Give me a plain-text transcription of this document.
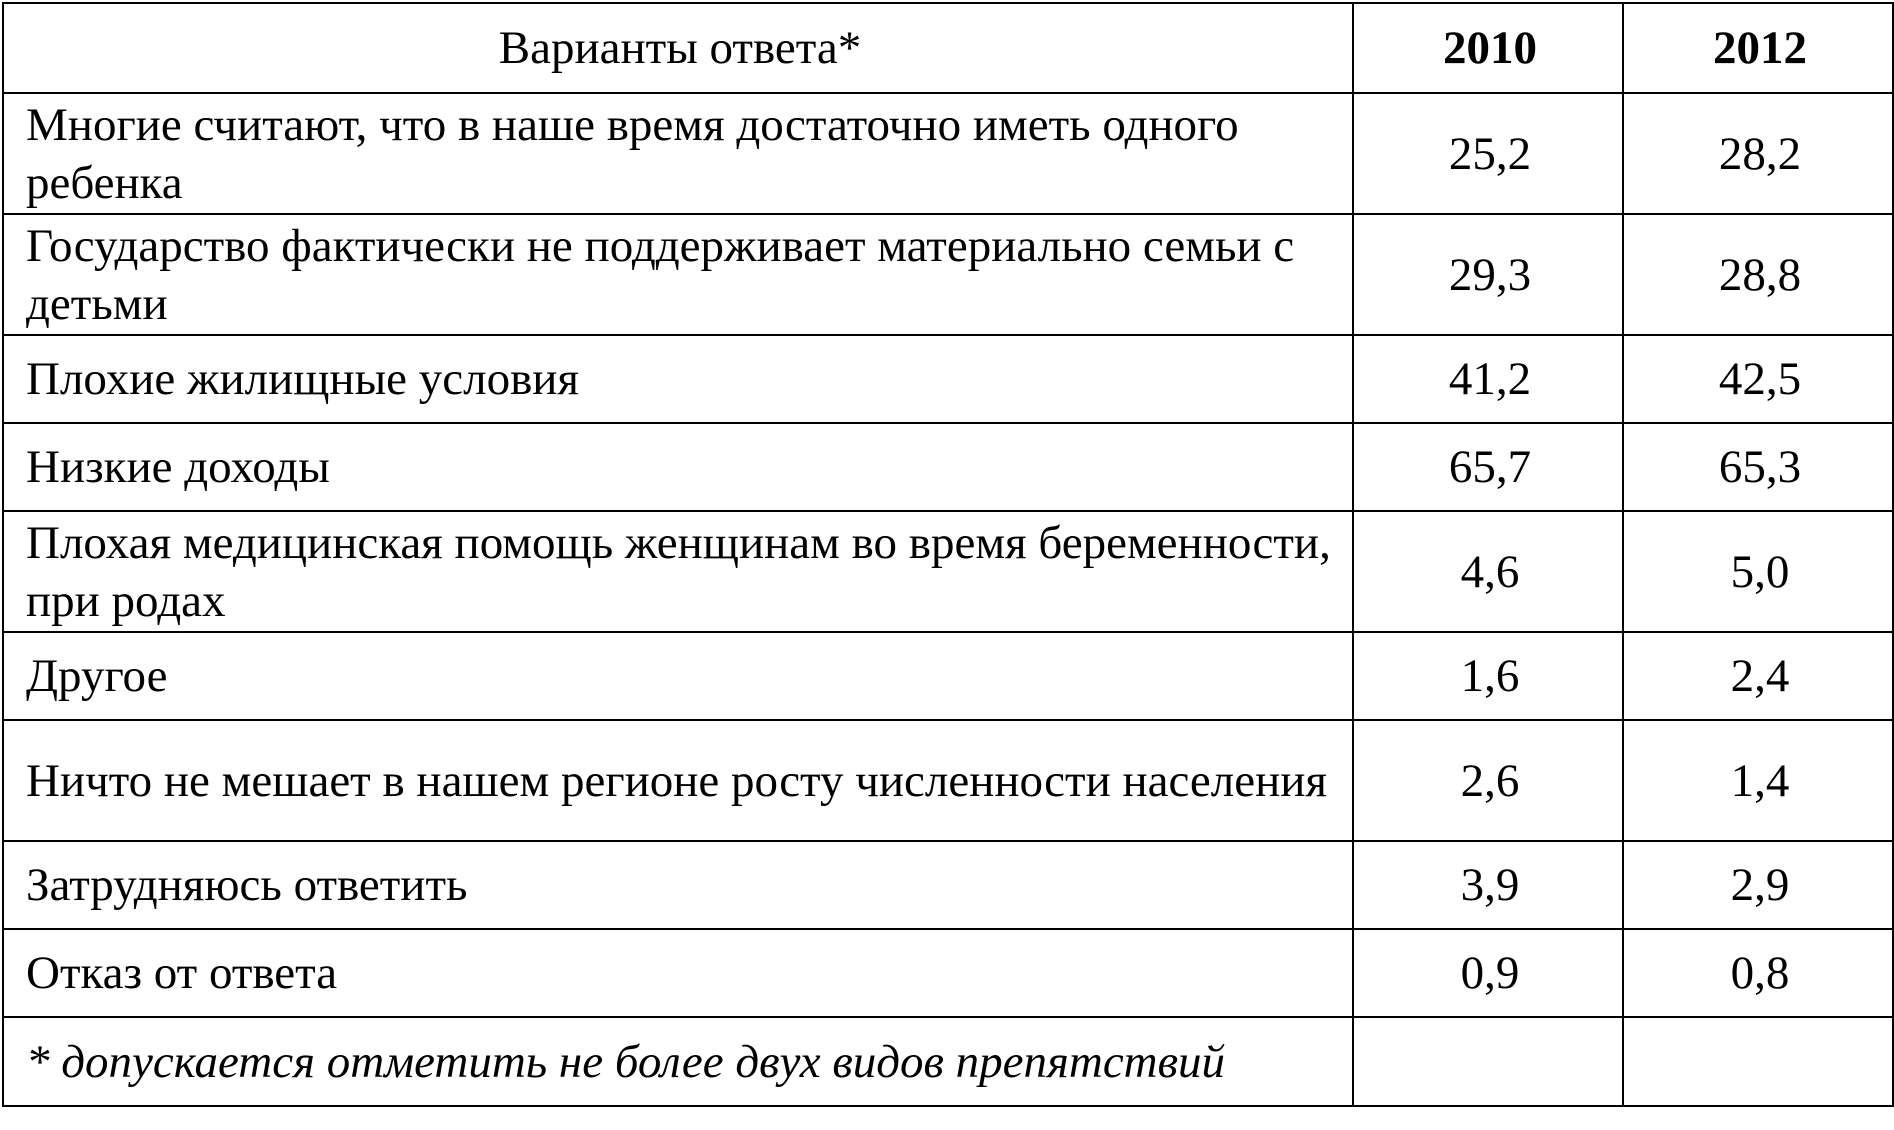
Варианты ответа*	2010	2012
Многие считают, что в наше время достаточно иметь одного ребенка	25,2	28,2
Государство фактически не поддерживает материально семьи с детьми	29,3	28,8
Плохие жилищные условия	41,2	42,5
Низкие доходы	65,7	65,3
Плохая медицинская помощь женщинам во время беременности, при родах	4,6	5,0
Другое	1,6	2,4
Ничто не мешает в нашем регионе росту численности населения	2,6	1,4
Затрудняюсь ответить	3,9	2,9
Отказ от ответа	0,9	0,8
* допускается отметить не более двух видов препятствий		
